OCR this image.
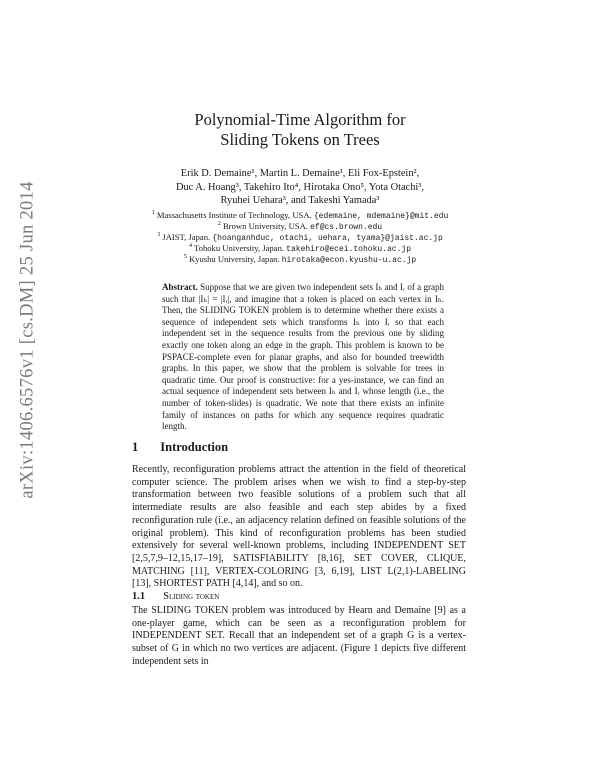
arXiv:1406.6576v1 [cs.DM] 25 Jun 2014
Polynomial-Time Algorithm for
Sliding Tokens on Trees
Erik D. Demaine¹, Martin L. Demaine¹, Eli Fox-Epstein²,
Duc A. Hoang³, Takehiro Ito⁴, Hirotaka Ono⁵, Yota Otachi³,
Ryuhei Uehara³, and Takeshi Yamada³
$^1$ Massachusetts Institute of Technology, USA. {edemaine, mdemaine}@mit.edu
$^2$ Brown University, USA. ef@cs.brown.edu
$^3$ JAIST, Japan. {hoanganhduc, otachi, uehara, tyama}@jaist.ac.jp
$^4$ Tohoku University, Japan. takehiro@ecei.tohoku.ac.jp
$^5$ Kyushu University, Japan. hirotaka@econ.kyushu-u.ac.jp
Abstract. Suppose that we are given two independent sets Iₕ and Iᵣ of a graph such that |Iₕ| = |Iᵣ|, and imagine that a token is placed on each vertex in Iₕ. Then, the SLIDING TOKEN problem is to determine whether there exists a sequence of independent sets which transforms Iₕ into Iᵣ so that each independent set in the sequence results from the previous one by sliding exactly one token along an edge in the graph. This problem is known to be PSPACE-complete even for planar graphs, and also for bounded treewidth graphs. In this paper, we show that the problem is solvable for trees in quadratic time. Our proof is constructive: for a yes-instance, we can find an actual sequence of independent sets between Iₕ and Iᵣ whose length (i.e., the number of token-slides) is quadratic. We note that there exists an infinite family of instances on paths for which any sequence requires quadratic length.
1 Introduction
Recently, reconfiguration problems attract the attention in the field of theoretical computer science. The problem arises when we wish to find a step-by-step transformation between two feasible solutions of a problem such that all intermediate results are also feasible and each step abides by a fixed reconfiguration rule (i.e., an adjacency relation defined on feasible solutions of the original problem). This kind of reconfiguration problems has been studied extensively for several well-known problems, including INDEPENDENT SET [2,5,7,9–12,15,17–19], SATISFIABILITY [8,16], SET COVER, CLIQUE, MATCHING [11], VERTEX-COLORING [3, 6,19], LIST L(2,1)-LABELING [13], SHORTEST PATH [4,14], and so on.
1.1 Sliding token
The SLIDING TOKEN problem was introduced by Hearn and Demaine [9] as a one-player game, which can be seen as a reconfiguration problem for INDEPENDENT SET. Recall that an independent set of a graph G is a vertex-subset of G in which no two vertices are adjacent. (Figure 1 depicts five different independent sets in
